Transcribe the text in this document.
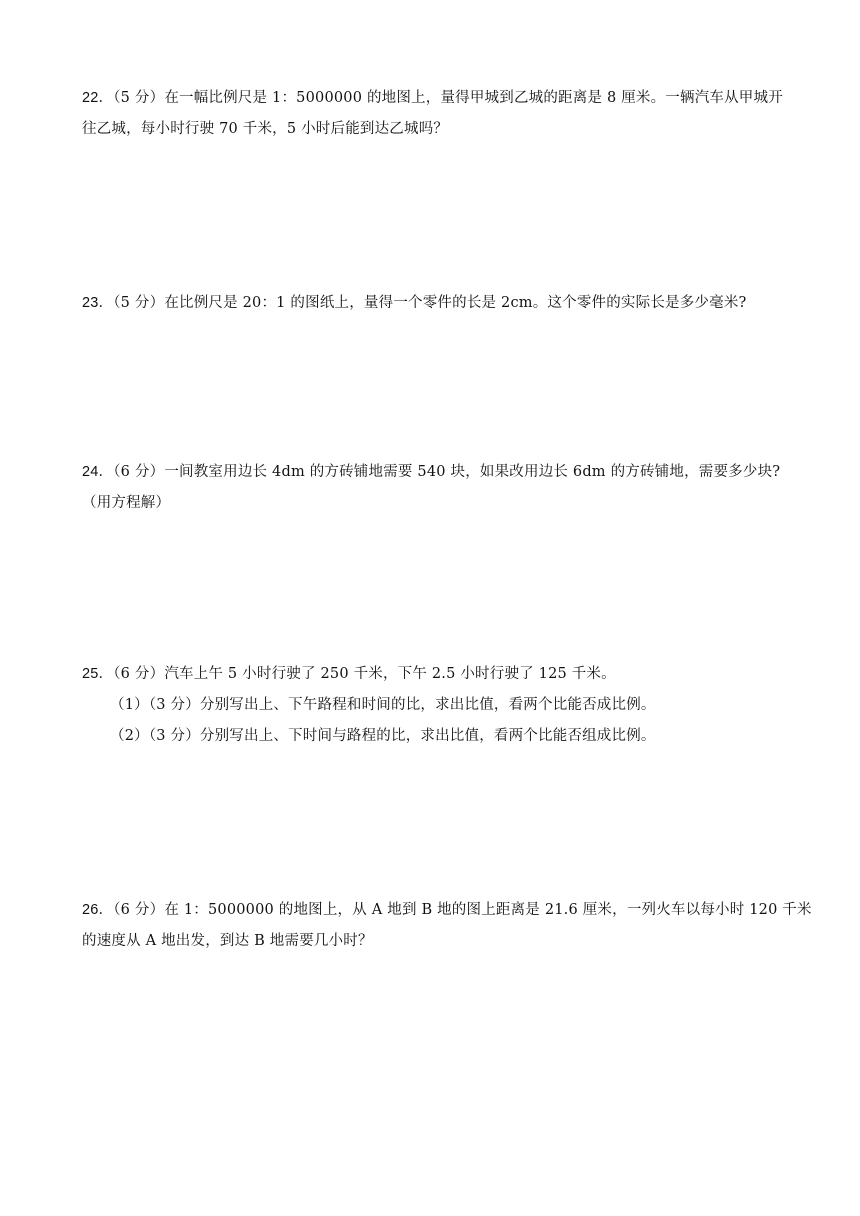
22．（5 分）在一幅比例尺是 1：5000000 的地图上，量得甲城到乙城的距离是 8 厘米。一辆汽车从甲城开

往乙城，每小时行驶 70 千米，5 小时后能到达乙城吗？

23．（5 分）在比例尺是 20：1 的图纸上，量得一个零件的长是 2cm。这个零件的实际长是多少毫米?

24．（6 分）一间教室用边长 4dm 的方砖铺地需要 540 块，如果改用边长 6dm 的方砖铺地，需要多少块?

（用方程解）

25．（6 分）汽车上午 5 小时行驶了 250 千米，下午 2.5 小时行驶了 125 千米。

（1）（3 分）分别写出上、下午路程和时间的比，求出比值，看两个比能否成比例。

（2）（3 分）分别写出上、下时间与路程的比，求出比值，看两个比能否组成比例。

26．（6 分）在 1：5000000 的地图上，从 A 地到 B 地的图上距离是 21.6 厘米，一列火车以每小时 120 千米

的速度从 A 地出发，到达 B 地需要几小时？
